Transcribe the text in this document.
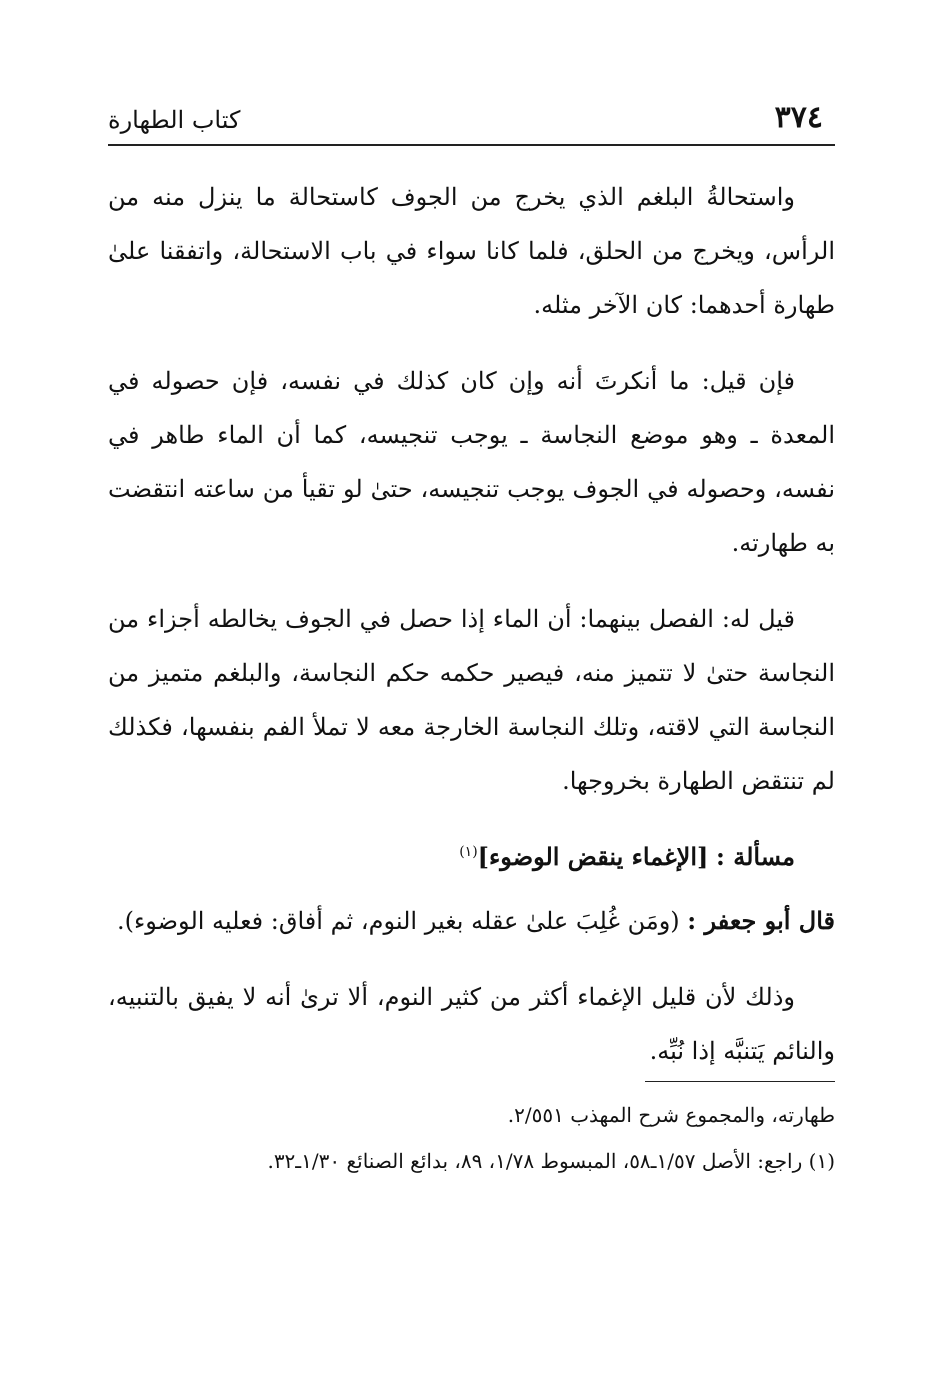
٣٧٤
كتاب الطهارة

واستحالةُ البلغم الذي يخرج من الجوف كاستحالة ما ينزل منه من الرأس، ويخرج من الحلق، فلما كانا سواء في باب الاستحالة، واتفقنا علىٰ طهارة أحدهما: كان الآخر مثله.

فإن قيل: ما أنكرتَ أنه وإن كان كذلك في نفسه، فإن حصوله في المعدة ـ وهو موضع النجاسة ـ يوجب تنجيسه، كما أن الماء طاهر في نفسه، وحصوله في الجوف يوجب تنجيسه، حتىٰ لو تقيأ من ساعته انتقضت به طهارته.

قيل له: الفصل بينهما: أن الماء إذا حصل في الجوف يخالطه أجزاء من النجاسة حتىٰ لا تتميز منه، فيصير حكمه حكم النجاسة، والبلغم متميز من النجاسة التي لاقته، وتلك النجاسة الخارجة معه لا تملأ الفم بنفسها، فكذلك لم تنتقض الطهارة بخروجها.

مسألة : [الإغماء ينقض الوضوء]$^{(١)}$

قال أبو جعفر : (ومَن غُلِبَ علىٰ عقله بغير النوم، ثم أفاق: فعليه الوضوء).

وذلك لأن قليل الإغماء أكثر من كثير النوم، ألا ترىٰ أنه لا يفيق بالتنبيه، والنائم يَتنبَّه إذا نُبِّه.

طهارته، والمجموع شرح المهذب ٢/٥٥١.

(١) راجع: الأصل ١/٥٧ـ٥٨، المبسوط ١/٧٨، ٨٩، بدائع الصنائع ١/٣٠ـ٣٢.
